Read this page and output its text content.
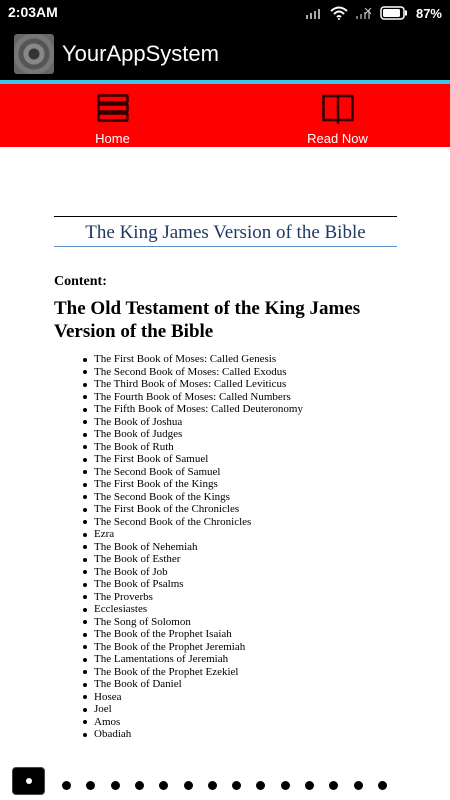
2:03AM	87%
YourAppSystem
Home	Read Now
The King James Version of the Bible
Content:
The Old Testament of the King James Version of the Bible
The First Book of Moses: Called Genesis
The Second Book of Moses: Called Exodus
The Third Book of Moses: Called Leviticus
The Fourth Book of Moses: Called Numbers
The Fifth Book of Moses: Called Deuteronomy
The Book of Joshua
The Book of Judges
The Book of Ruth
The First Book of Samuel
The Second Book of Samuel
The First Book of the Kings
The Second Book of the Kings
The First Book of the Chronicles
The Second Book of the Chronicles
Ezra
The Book of Nehemiah
The Book of Esther
The Book of Job
The Book of Psalms
The Proverbs
Ecclesiastes
The Song of Solomon
The Book of the Prophet Isaiah
The Book of the Prophet Jeremiah
The Lamentations of Jeremiah
The Book of the Prophet Ezekiel
The Book of Daniel
Hosea
Joel
Amos
Obadiah
